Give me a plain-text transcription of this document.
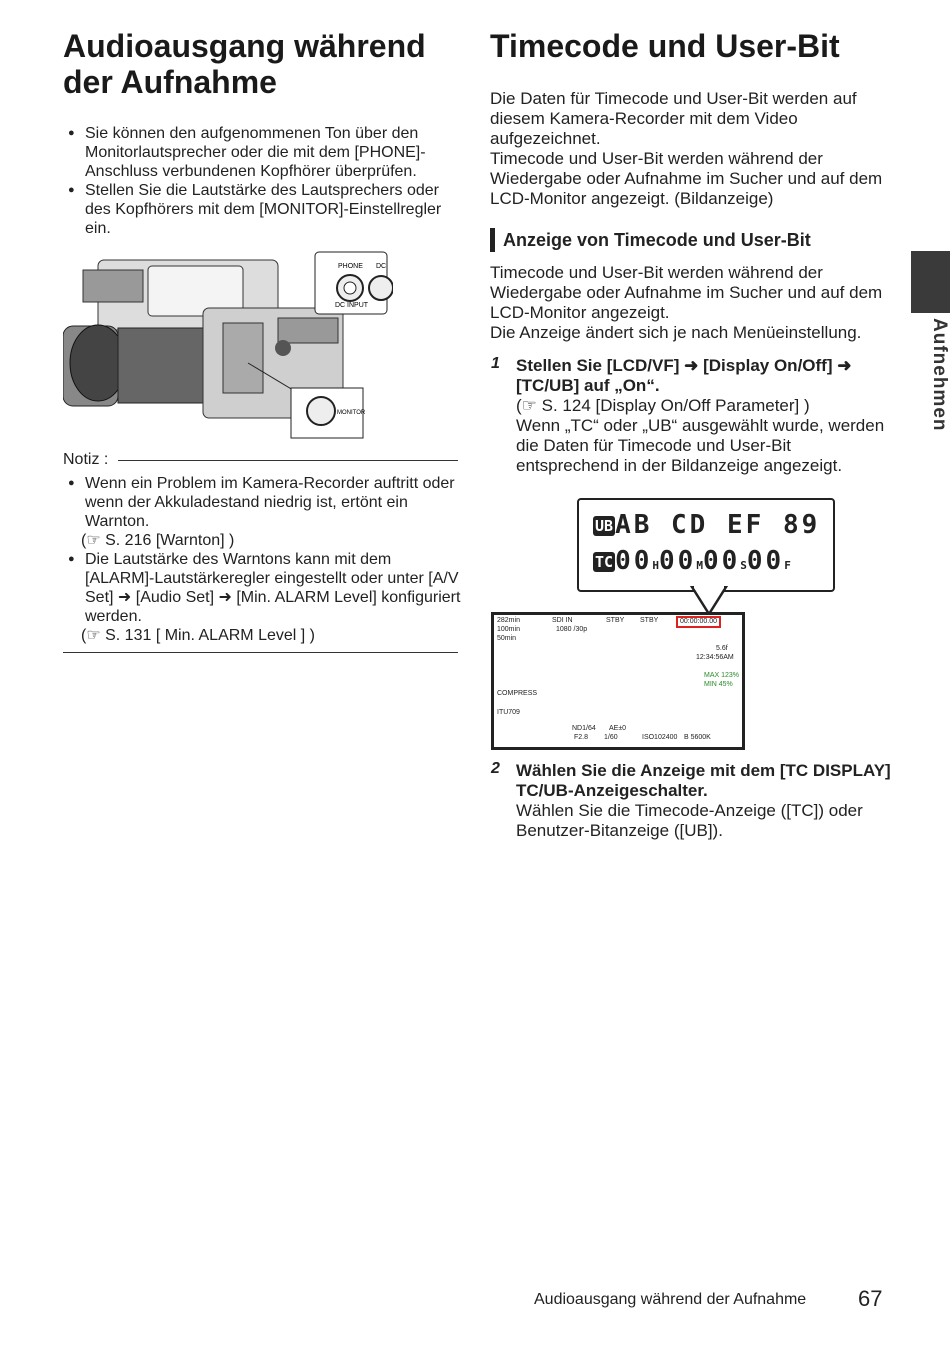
Audioausgang während
der Aufnahme
● Sie können den aufgenommenen Ton über den Monitorlautsprecher oder die mit dem [PHONE]-Anschluss verbundenen Kopfhörer überprüfen.
● Stellen Sie die Lautstärke des Lautsprechers oder des Kopfhörers mit dem [MONITOR]-Einstellregler ein.
PHONE DC
DC INPUT
MONITOR
Notiz :
● Wenn ein Problem im Kamera-Recorder auftritt oder wenn der Akkuladestand niedrig ist, ertönt ein Warnton.
(☞ S. 216 [Warnton] )
● Die Lautstärke des Warntons kann mit dem [ALARM]-Lautstärkeregler eingestellt oder unter [A/V Set] ➜ [Audio Set] ➜ [Min. ALARM Level] konfiguriert werden.
(☞ S. 131 [ Min. ALARM Level ] )
Timecode und User-Bit
Die Daten für Timecode und User-Bit werden auf diesem Kamera-Recorder mit dem Video aufgezeichnet.
Timecode und User-Bit werden während der Wiedergabe oder Aufnahme im Sucher und auf dem LCD-Monitor angezeigt. (Bildanzeige)
Anzeige von Timecode und User-Bit
Timecode und User-Bit werden während der Wiedergabe oder Aufnahme im Sucher und auf dem LCD-Monitor angezeigt.
Die Anzeige ändert sich je nach Menüeinstellung.
1 Stellen Sie [LCD/VF] ➜ [Display On/Off] ➜ [TC/UB] auf „On“.
(☞ S. 124 [Display On/Off Parameter] )
Wenn „TC“ oder „UB“ ausgewählt wurde, werden die Daten für Timecode und User-Bit entsprechend in der Bildanzeige angezeigt.
UBAB CD EF 89
TC00H00M00S00F
282min	SDI IN	STBY STBY	00:00:00.00
100min	1080 /30p
50min
5.6f
12:34:56AM
MAX 123%
MIN 45%
COMPRESS
ITU709
ND1/64 AE±0
F2.8 1/60	ISO102400 B 5600K
2 Wählen Sie die Anzeige mit dem [TC DISPLAY] TC/UB-Anzeigeschalter.
Wählen Sie die Timecode-Anzeige ([TC]) oder Benutzer-Bitanzeige ([UB]).
Aufnehmen
Audioausgang während der Aufnahme 67
